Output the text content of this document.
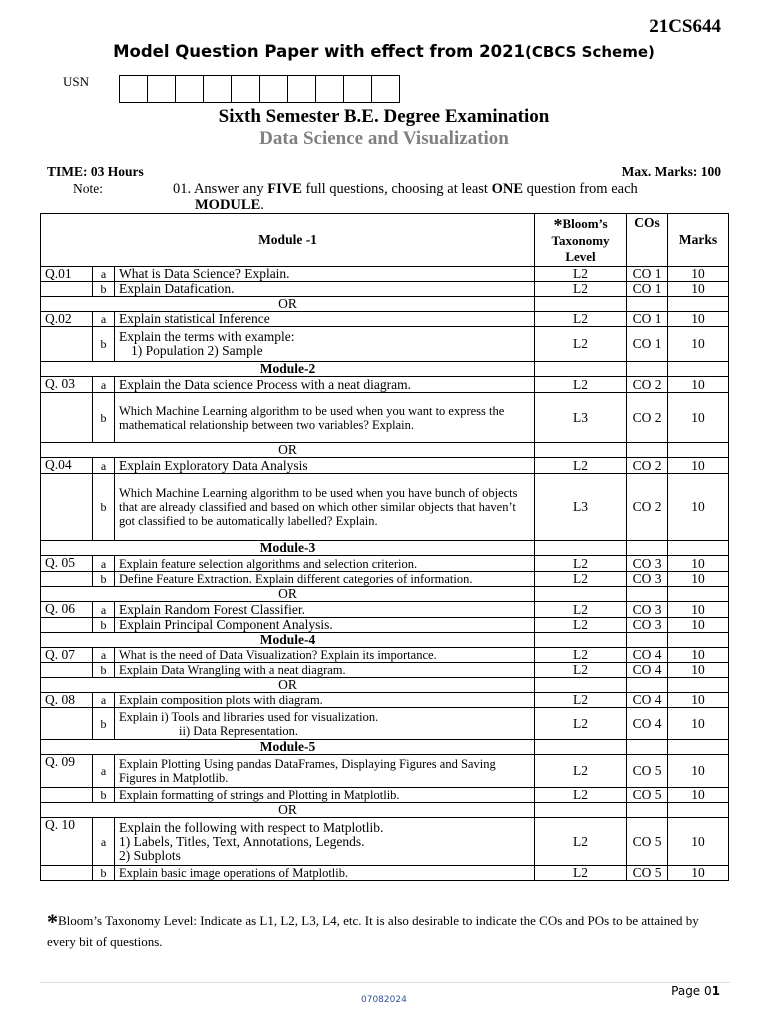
21CS644
Model Question Paper with effect from 2021(CBCS Scheme)
USN
Sixth Semester B.E. Degree Examination
Data Science and Visualization
TIME: 03 Hours	Max. Marks: 100
Note:	01. Answer any FIVE full questions, choosing at least ONE question from each
MODULE.
Module -1			*Bloom’s Taxonomy Level	COs	Marks
Q.01	a	What is Data Science? Explain.	L2	CO 1	10
	b	Explain Datafication.	L2	CO 1	10
OR					
Q.02	a	Explain statistical Inference	L2	CO 1	10
	b	Explain the terms with example:
1) Population 2) Sample	L2	CO 1	10
Module-2					
Q. 03	a	Explain the Data science Process with a neat diagram.	L2	CO 2	10
	b	Which Machine Learning algorithm to be used when you want to express the mathematical relationship between two variables? Explain.	L3	CO 2	10
OR					
Q.04	a	Explain Exploratory Data Analysis	L2	CO 2	10
	b	Which Machine Learning algorithm to be used when you have bunch of objects that are already classified and based on which other similar objects that haven’t got classified to be automatically labelled? Explain.	L3	CO 2	10
Module-3					
Q. 05	a	Explain feature selection algorithms and selection criterion.	L2	CO 3	10
	b	Define Feature Extraction. Explain different categories of information.	L2	CO 3	10
OR					
Q. 06	a	Explain Random Forest Classifier.	L2	CO 3	10
	b	Explain Principal Component Analysis.	L2	CO 3	10
Module-4					
Q. 07	a	What is the need of Data Visualization? Explain its importance.	L2	CO 4	10
	b	Explain Data Wrangling with a neat diagram.	L2	CO 4	10
OR					
Q. 08	a	Explain composition plots with diagram.	L2	CO 4	10
	b	Explain i) Tools and libraries used for visualization.
ii) Data Representation.	L2	CO 4	10
Module-5					
Q. 09	a	Explain Plotting Using pandas DataFrames, Displaying Figures and Saving Figures in Matplotlib.	L2	CO 5	10
	b	Explain formatting of strings and Plotting in Matplotlib.	L2	CO 5	10
OR					
Q. 10	a	Explain the following with respect to Matplotlib.
1) Labels, Titles, Text, Annotations, Legends.
2) Subplots	L2	CO 5	10
	b	Explain basic image operations of Matplotlib.	L2	CO 5	10
*Bloom’s Taxonomy Level: Indicate as L1, L2, L3, L4, etc. It is also desirable to indicate the COs and POs to be attained by every bit of questions.
Page 01
07082024
